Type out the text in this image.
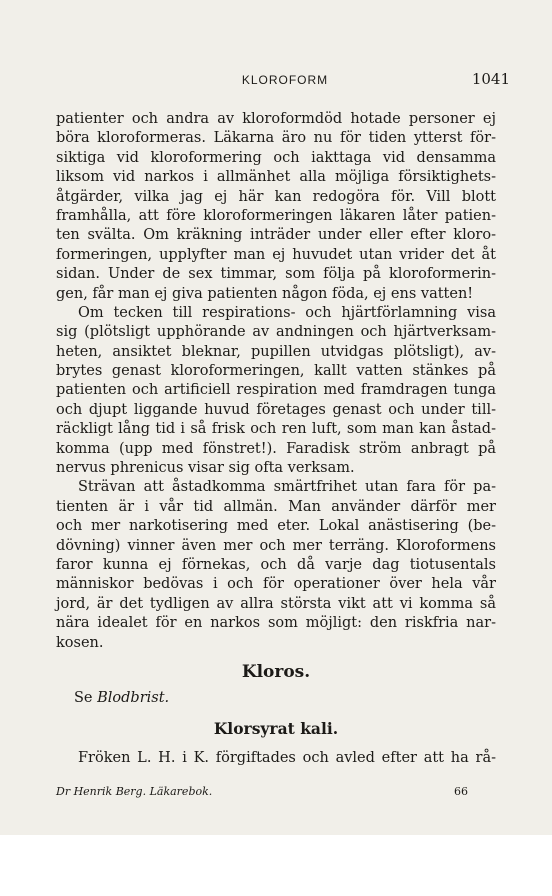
KLOROFORM	1041
patienter och andra av kloroformdöd hotade personer ej
böra kloroformeras. Läkarna äro nu för tiden ytterst för-
siktiga vid kloroformering och iakttaga vid densamma
liksom vid narkos i allmänhet alla möjliga försiktighets-
åtgärder, vilka jag ej här kan redogöra för. Vill blott
framhålla, att före kloroformeringen läkaren låter patien-
ten svälta. Om kräkning inträder under eller efter kloro-
formeringen, upplyfter man ej huvudet utan vrider det åt
sidan. Under de sex timmar, som följa på kloroformerin-
gen, får man ej giva patienten någon föda, ej ens vatten!
Om tecken till respirations- och hjärtförlamning visa
sig (plötsligt upphörande av andningen och hjärtverksam-
heten, ansiktet bleknar, pupillen utvidgas plötsligt), av-
brytes genast kloroformeringen, kallt vatten stänkes på
patienten och artificiell respiration med framdragen tunga
och djupt liggande huvud företages genast och under till-
räckligt lång tid i så frisk och ren luft, som man kan åstad-
komma (upp med fönstret!). Faradisk ström anbragt på
nervus phrenicus visar sig ofta verksam.
Strävan att åstadkomma smärtfrihet utan fara för pa-
tienten är i vår tid allmän. Man använder därför mer
och mer narkotisering med eter. Lokal anästisering (be-
dövning) vinner även mer och mer terräng. Kloroformens
faror kunna ej förnekas, och då varje dag tiotusentals
människor bedövas i och för operationer över hela vår
jord, är det tydligen av allra största vikt att vi komma så
nära idealet för en narkos som möjligt: den riskfria nar-
kosen.
Kloros.
Se Blodbrist.
Klorsyrat kali.
Fröken L. H. i K. förgiftades och avled efter att ha rå-
Dr Henrik Berg. Läkarebok.	66
